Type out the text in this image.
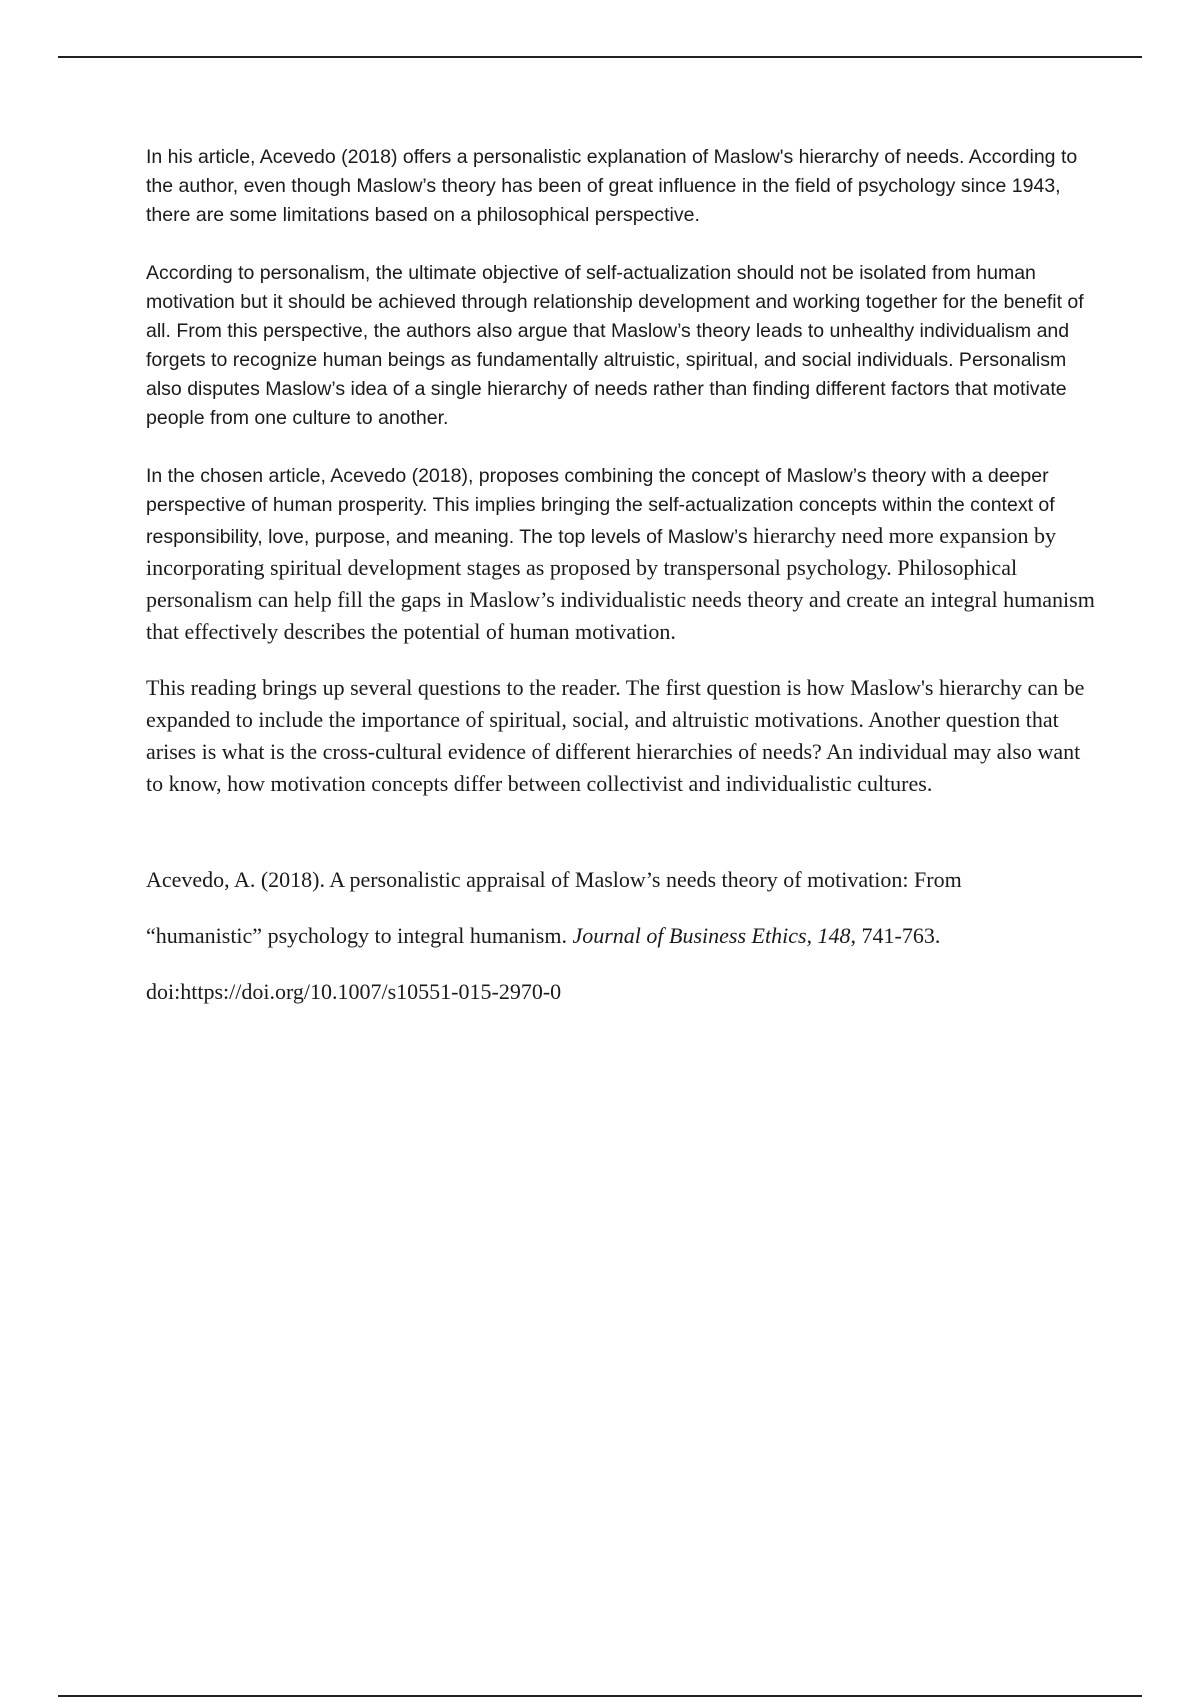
In his article, Acevedo (2018) offers a personalistic explanation of Maslow's hierarchy of needs. According to the author, even though Maslow’s theory has been of great influence in the field of psychology since 1943, there are some limitations based on a philosophical perspective.

According to personalism, the ultimate objective of self-actualization should not be isolated from human motivation but it should be achieved through relationship development and working together for the benefit of all. From this perspective, the authors also argue that Maslow’s theory leads to unhealthy individualism and forgets to recognize human beings as fundamentally altruistic, spiritual, and social individuals. Personalism also disputes Maslow’s idea of a single hierarchy of needs rather than finding different factors that motivate people from one culture to another.

In the chosen article, Acevedo (2018), proposes combining the concept of Maslow’s theory with a deeper perspective of human prosperity. This implies bringing the self-actualization concepts within the context of responsibility, love, purpose, and meaning. The top levels of Maslow’s hierarchy need more expansion by incorporating spiritual development stages as proposed by transpersonal psychology. Philosophical personalism can help fill the gaps in Maslow’s individualistic needs theory and create an integral humanism that effectively describes the potential of human motivation.

This reading brings up several questions to the reader. The first question is how Maslow's hierarchy can be expanded to include the importance of spiritual, social, and altruistic motivations. Another question that arises is what is the cross-cultural evidence of different hierarchies of needs? An individual may also want to know, how motivation concepts differ between collectivist and individualistic cultures.

Acevedo, A. (2018). A personalistic appraisal of Maslow’s needs theory of motivation: From

“humanistic” psychology to integral humanism. Journal of Business Ethics, 148, 741-763.

doi:https://doi.org/10.1007/s10551-015-2970-0
